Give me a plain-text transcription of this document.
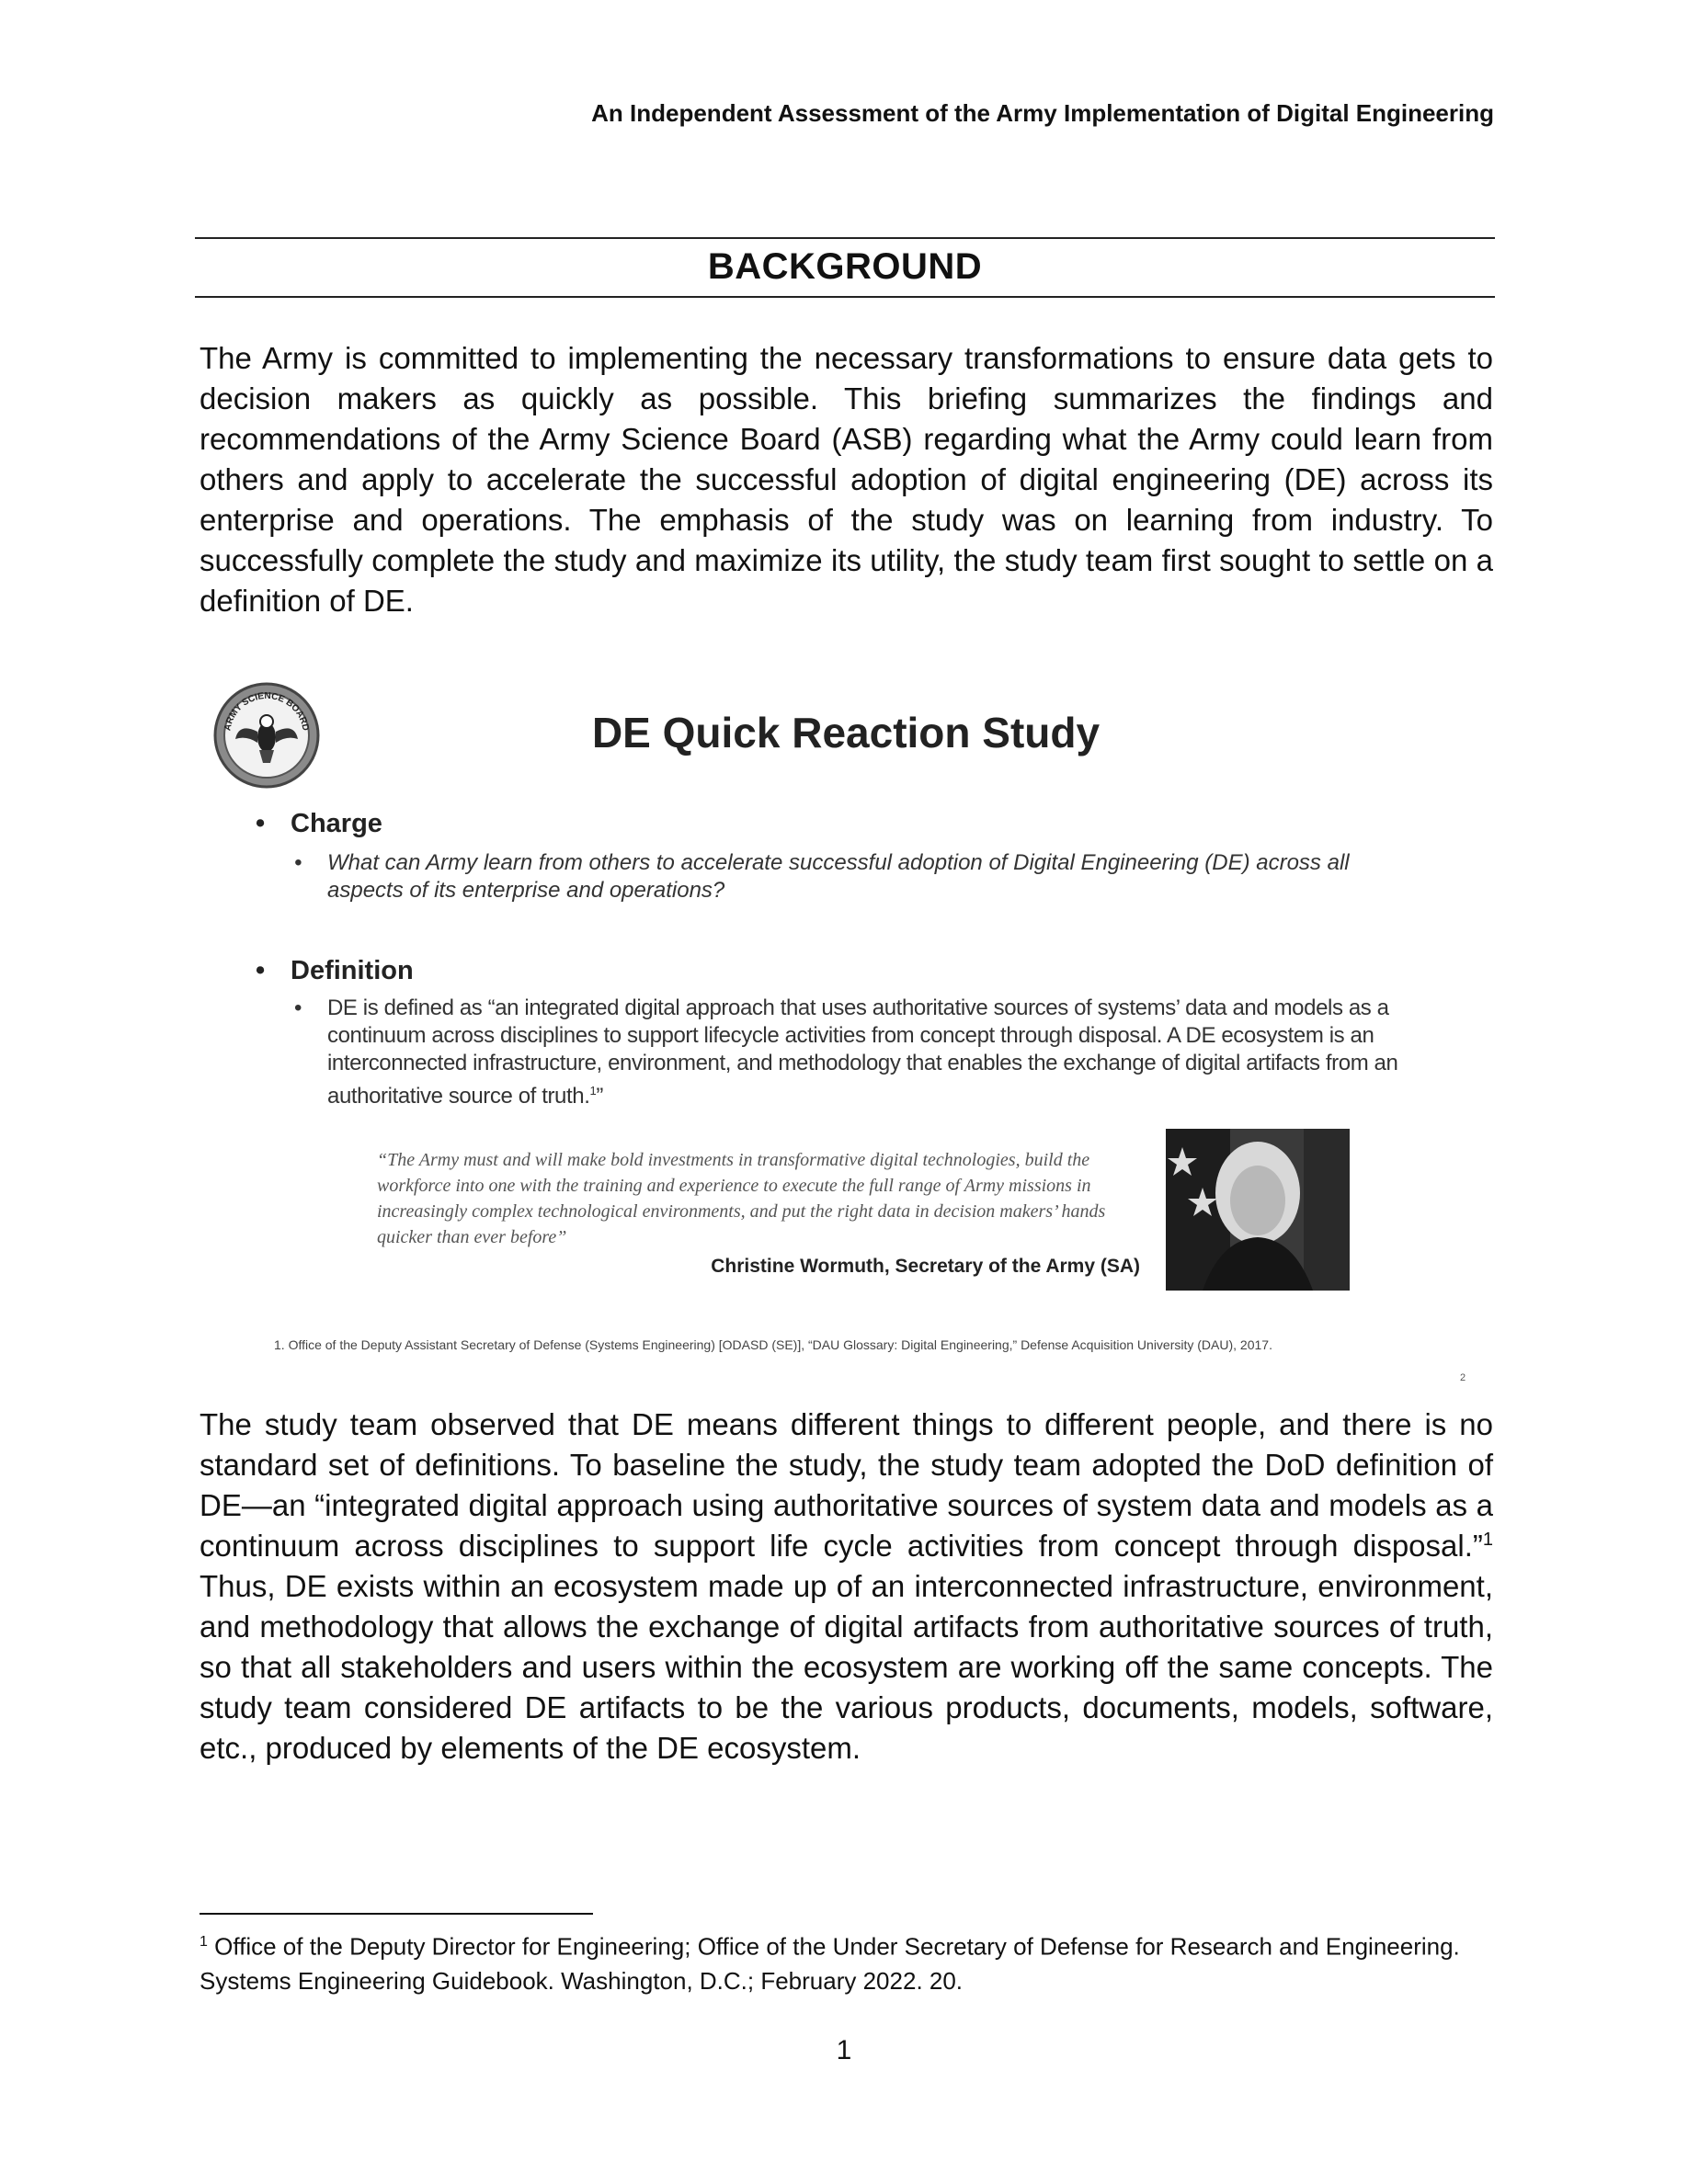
An Independent Assessment of the Army Implementation of Digital Engineering
BACKGROUND

The Army is committed to implementing the necessary transformations to ensure data gets to decision makers as quickly as possible. This briefing summarizes the findings and recommendations of the Army Science Board (ASB) regarding what the Army could learn from others and apply to accelerate the successful adoption of digital engineering (DE) across its enterprise and operations. The emphasis of the study was on learning from industry. To successfully complete the study and maximize its utility, the study team first sought to settle on a definition of DE.

ARMY SCIENCE BOARD	DE Quick Reaction Study
• Charge
• What can Army learn from others to accelerate successful adoption of Digital Engineering (DE) across all aspects of its enterprise and operations?
• Definition
• DE is defined as “an integrated digital approach that uses authoritative sources of systems’ data and models as a continuum across disciplines to support lifecycle activities from concept through disposal. A DE ecosystem is an interconnected infrastructure, environment, and methodology that enables the exchange of digital artifacts from an authoritative source of truth.$^1$”
“The Army must and will make bold investments in transformative digital technologies, build the workforce into one with the training and experience to execute the full range of Army missions in increasingly complex technological environments, and put the right data in decision makers’ hands quicker than ever before”
Christine Wormuth, Secretary of the Army (SA)
1. Office of the Deputy Assistant Secretary of Defense (Systems Engineering) [ODASD (SE)], “DAU Glossary: Digital Engineering,” Defense Acquisition University (DAU), 2017.
2

The study team observed that DE means different things to different people, and there is no standard set of definitions. To baseline the study, the study team adopted the DoD definition of DE—an “integrated digital approach using authoritative sources of system data and models as a continuum across disciplines to support life cycle activities from concept through disposal.”$^1$ Thus, DE exists within an ecosystem made up of an interconnected infrastructure, environment, and methodology that allows the exchange of digital artifacts from authoritative sources of truth, so that all stakeholders and users within the ecosystem are working off the same concepts. The study team considered DE artifacts to be the various products, documents, models, software, etc., produced by elements of the DE ecosystem.

$^1$ Office of the Deputy Director for Engineering; Office of the Under Secretary of Defense for Research and Engineering. Systems Engineering Guidebook. Washington, D.C.; February 2022. 20.
1
